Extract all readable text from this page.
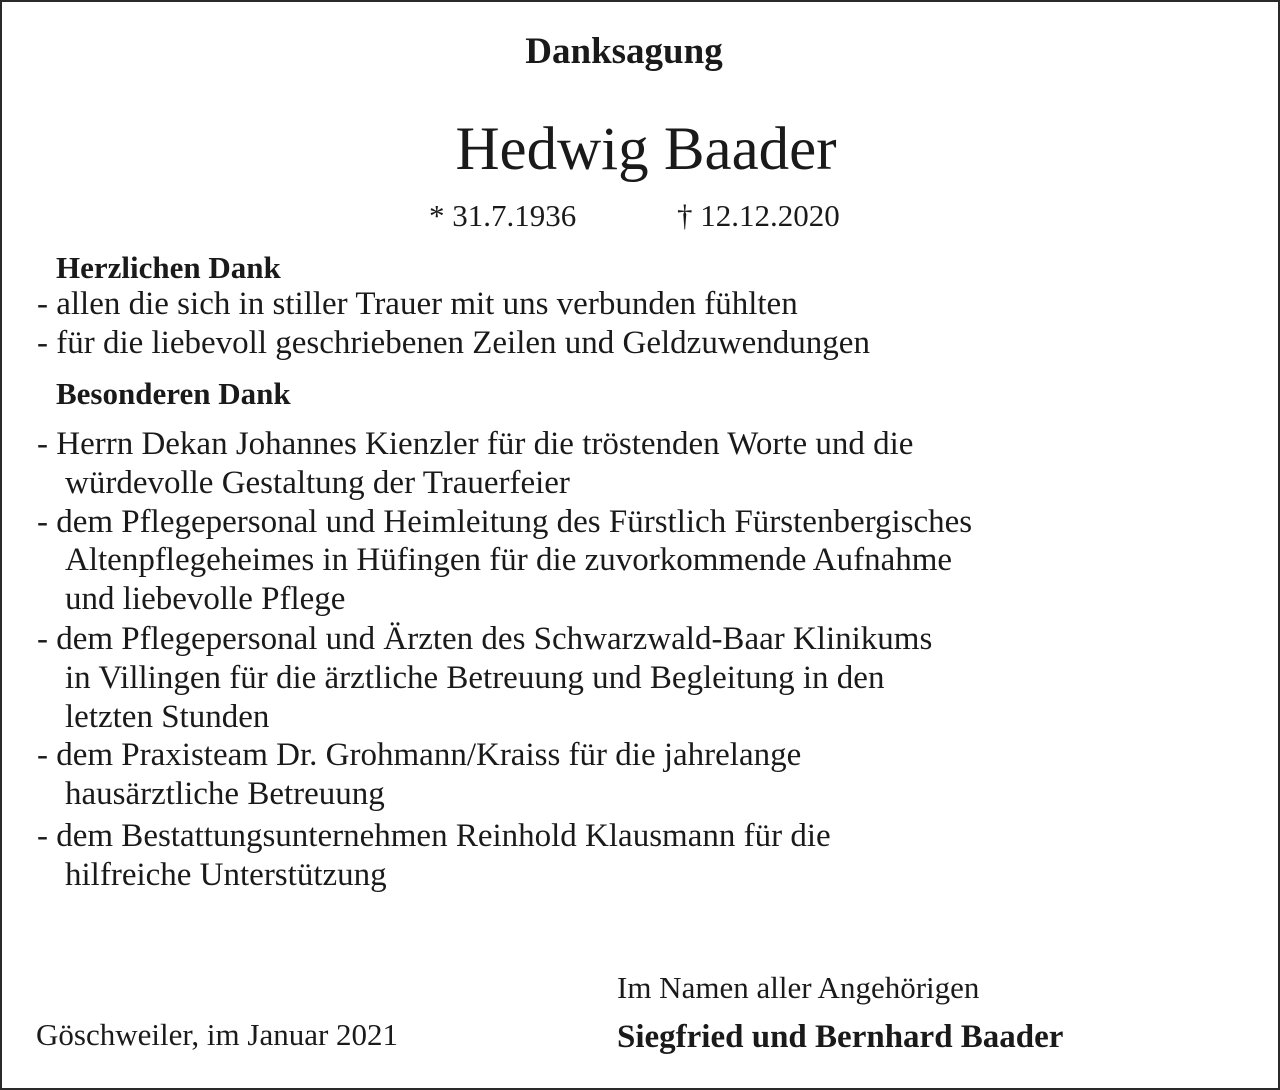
Danksagung
Hedwig Baader
* 31.7.1936	† 12.12.2020
Herzlichen Dank
- allen die sich in stiller Trauer mit uns verbunden fühlten
- für die liebevoll geschriebenen Zeilen und Geldzuwendungen
Besonderen Dank
- Herrn Dekan Johannes Kienzler für die tröstenden Worte und die
würdevolle Gestaltung der Trauerfeier
- dem Pflegepersonal und Heimleitung des Fürstlich Fürstenbergisches
Altenpflegeheimes in Hüfingen für die zuvorkommende Aufnahme
und liebevolle Pflege
- dem Pflegepersonal und Ärzten des Schwarzwald-Baar Klinikums
in Villingen für die ärztliche Betreuung und Begleitung in den
letzten Stunden
- dem Praxisteam Dr. Grohmann/Kraiss für die jahrelange
hausärztliche Betreuung
- dem Bestattungsunternehmen Reinhold Klausmann für die
hilfreiche Unterstützung
Göschweiler, im Januar 2021
Im Namen aller Angehörigen
Siegfried und Bernhard Baader
